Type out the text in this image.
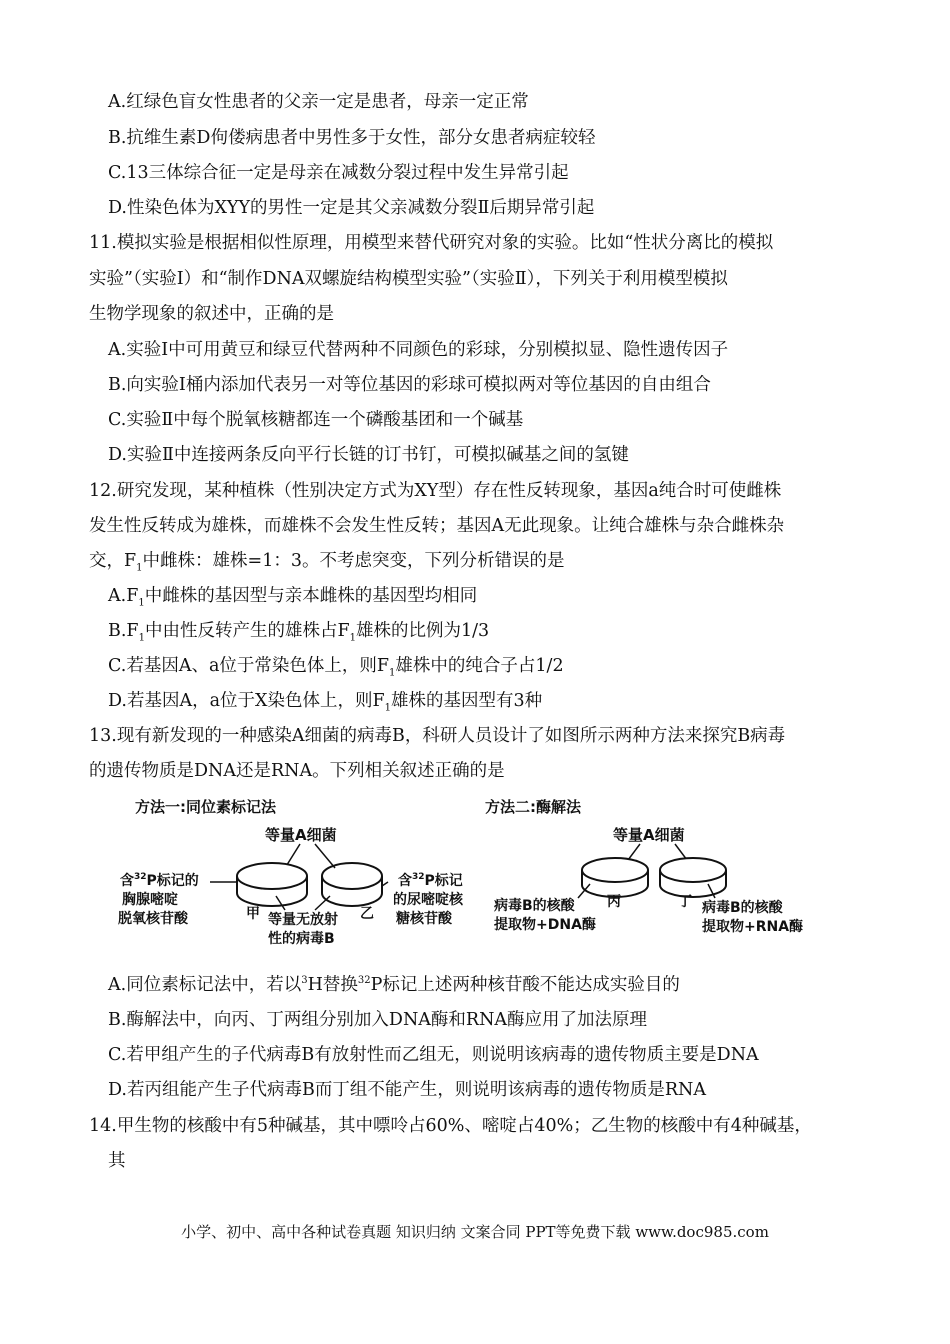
A.红绿色盲女性患者的父亲一定是患者，母亲一定正常
B.抗维生素D佝偻病患者中男性多于女性，部分女患者病症较轻
C.13三体综合征一定是母亲在减数分裂过程中发生异常引起
D.性染色体为XYY的男性一定是其父亲减数分裂Ⅱ后期异常引起
11.模拟实验是根据相似性原理，用模型来替代研究对象的实验。比如“性状分离比的模拟
实验”（实验Ⅰ）和“制作DNA双螺旋结构模型实验”（实验Ⅱ），下列关于利用模型模拟
生物学现象的叙述中，正确的是
A.实验Ⅰ中可用黄豆和绿豆代替两种不同颜色的彩球，分别模拟显、隐性遗传因子
B.向实验Ⅰ桶内添加代表另一对等位基因的彩球可模拟两对等位基因的自由组合
C.实验Ⅱ中每个脱氧核糖都连一个磷酸基团和一个碱基
D.实验Ⅱ中连接两条反向平行长链的订书钉，可模拟碱基之间的氢键
12.研究发现，某种植株（性别决定方式为XY型）存在性反转现象，基因a纯合时可使雌株
发生性反转成为雄株，而雄株不会发生性反转；基因A无此现象。让纯合雄株与杂合雌株杂
交，$F_1$中雌株：雄株=1：3。不考虑突变，下列分析错误的是
$A.F_1$中雌株的基因型与亲本雌株的基因型均相同
$B.F_1$中由性反转产生的雄株占$F_1$雄株的比例为1/3
C.若基因A、a位于常染色体上，则$F_1$雄株中的纯合子占1/2
D.若基因A，a位于X染色体上，则$F_1$雄株的基因型有3种
13.现有新发现的一种感染A细菌的病毒B，科研人员设计了如图所示两种方法来探究B病毒
的遗传物质是DNA还是RNA。下列相关叙述正确的是
方法一:同位素标记法
等量A细菌
含$^{32}$P标记的
胸腺嘧啶
脱氧核苷酸
含$^{32}$P标记
的尿嘧啶核
糖核苷酸
甲	乙
等量无放射
性的病毒B
方法二:酶解法
等量A细菌
丙	丁
病毒B的核酸
提取物+DNA酶
病毒B的核酸
提取物+RNA酶
A.同位素标记法中，若以$^3$H替换$^{32}$P标记上述两种核苷酸不能达成实验目的
B.酶解法中，向丙、丁两组分别加入DNA酶和RNA酶应用了加法原理
C.若甲组产生的子代病毒B有放射性而乙组无，则说明该病毒的遗传物质主要是DNA
D.若丙组能产生子代病毒B而丁组不能产生，则说明该病毒的遗传物质是RNA
14.甲生物的核酸中有5种碱基，其中嘌呤占60%、嘧啶占40%；乙生物的核酸中有4种碱基，
其
小学、初中、高中各种试卷真题 知识归纳 文案合同 PPT等免费下载 www.doc985.com
